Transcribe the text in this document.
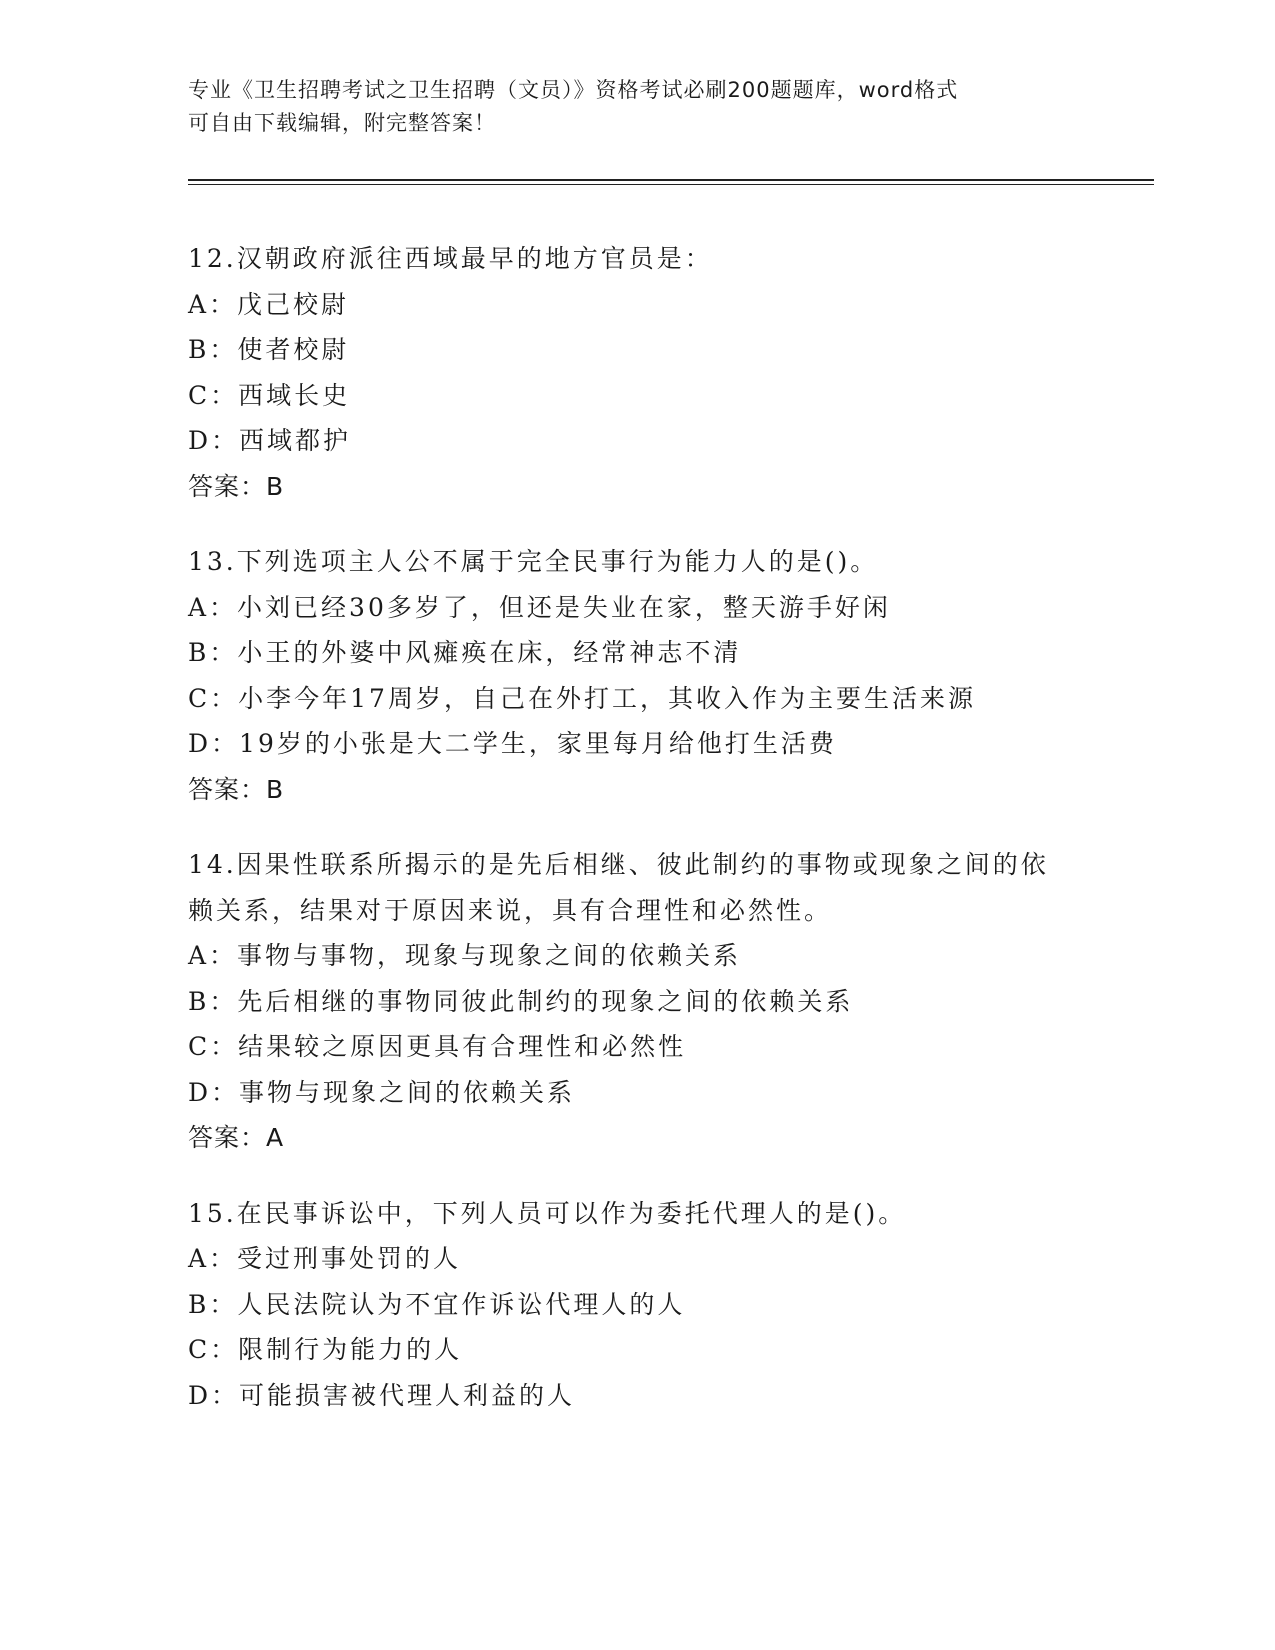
专业《卫生招聘考试之卫生招聘（文员）》资格考试必刷200题题库，word格式
可自由下载编辑，附完整答案！
12.汉朝政府派往西域最早的地方官员是：
A：戊己校尉
B：使者校尉
C：西域长史
D：西域都护
答案：B
13.下列选项主人公不属于完全民事行为能力人的是()。
A：小刘已经30多岁了，但还是失业在家，整天游手好闲
B：小王的外婆中风瘫痪在床，经常神志不清
C：小李今年17周岁，自己在外打工，其收入作为主要生活来源
D：19岁的小张是大二学生，家里每月给他打生活费
答案：B
14.因果性联系所揭示的是先后相继、彼此制约的事物或现象之间的依
赖关系，结果对于原因来说，具有合理性和必然性。
A：事物与事物，现象与现象之间的依赖关系
B：先后相继的事物同彼此制约的现象之间的依赖关系
C：结果较之原因更具有合理性和必然性
D：事物与现象之间的依赖关系
答案：A
15.在民事诉讼中，下列人员可以作为委托代理人的是()。
A：受过刑事处罚的人
B：人民法院认为不宜作诉讼代理人的人
C：限制行为能力的人
D：可能损害被代理人利益的人
